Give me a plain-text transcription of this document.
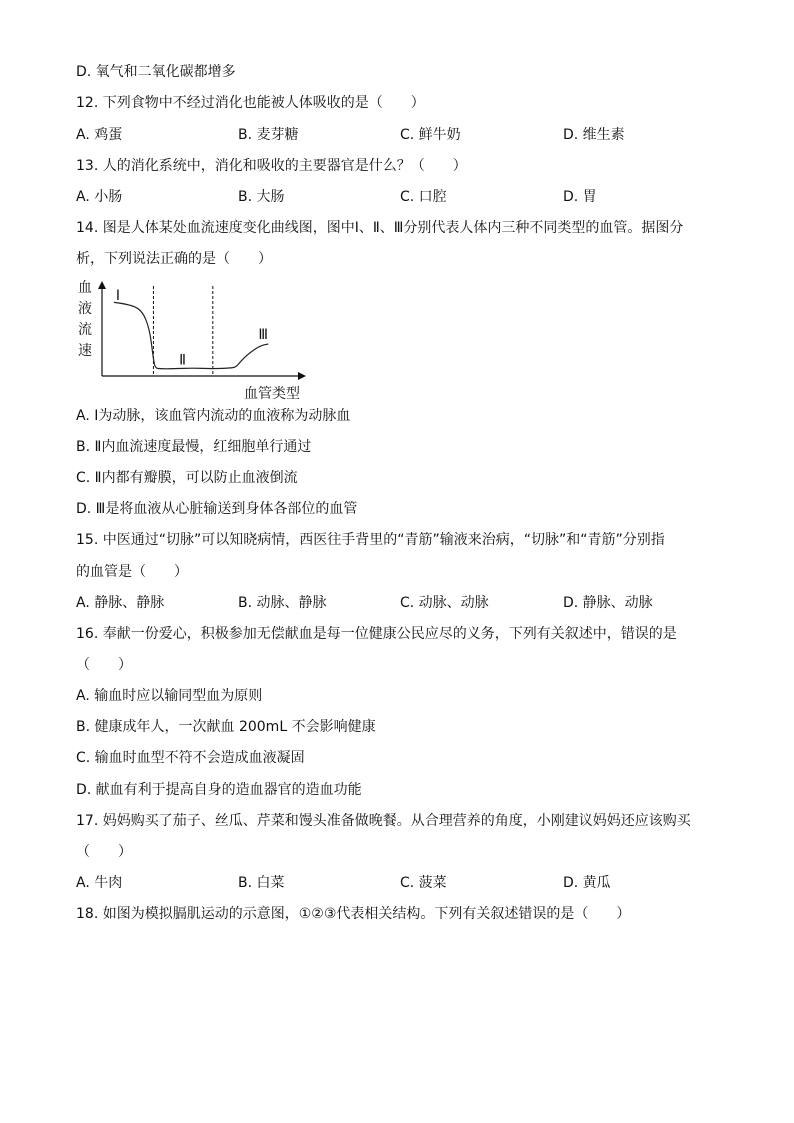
D. 氧气和二氧化碳都增多
12. 下列食物中不经过消化也能被人体吸收的是（　　）
A. 鸡蛋	B. 麦芽糖	C. 鲜牛奶	D. 维生素
13. 人的消化系统中，消化和吸收的主要器官是什么？（　　）
A. 小肠	B. 大肠	C. 口腔	D. 胃
14. 图是人体某处血流速度变化曲线图，图中Ⅰ、Ⅱ、Ⅲ分别代表人体内三种不同类型的血管。据图分
析，下列说法正确的是（　　）
血
液
流
速
Ⅰ
Ⅱ
Ⅲ
血管类型
A. Ⅰ为动脉，该血管内流动的血液称为动脉血
B. Ⅱ内血流速度最慢，红细胞单行通过
C. Ⅱ内都有瓣膜，可以防止血液倒流
D. Ⅲ是将血液从心脏输送到身体各部位的血管
15. 中医通过“切脉”可以知晓病情，西医往手背里的“青筋”输液来治病，“切脉”和“青筋”分别指
的血管是（　　）
A. 静脉、静脉	B. 动脉、静脉	C. 动脉、动脉	D. 静脉、动脉
16. 奉献一份爱心，积极参加无偿献血是每一位健康公民应尽的义务，下列有关叙述中，错误的是
（　　）
A. 输血时应以输同型血为原则
B. 健康成年人，一次献血 200mL 不会影响健康
C. 输血时血型不符不会造成血液凝固
D. 献血有利于提高自身的造血器官的造血功能
17. 妈妈购买了茄子、丝瓜、芹菜和馒头准备做晚餐。从合理营养的角度，小刚建议妈妈还应该购买
（　　）
A. 牛肉	B. 白菜	C. 菠菜	D. 黄瓜
18. 如图为模拟膈肌运动的示意图，①②③代表相关结构。下列有关叙述错误的是（　　）
